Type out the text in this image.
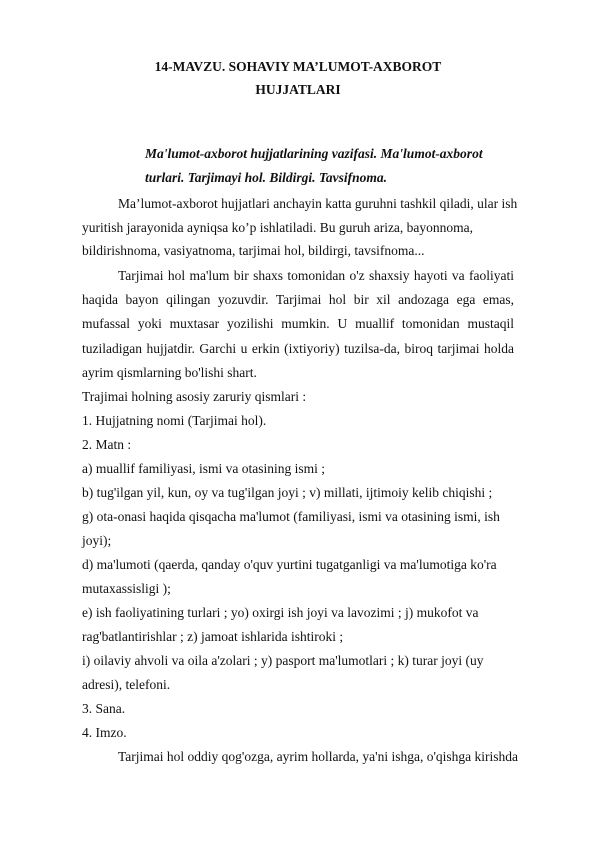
14-MAVZU. SOHAVIY MA’LUMOT-AXBOROT
HUJJATLARI
Ma'lumot-axborot hujjatlarining vazifasi. Ma'lumot-axborot
turlari. Tarjimayi hol. Bildirgi. Tavsifnoma.
Ma’lumot-axborot hujjatlari anchayin katta guruhni tashkil qiladi, ular ish
yuritish jarayonida ayniqsa ko’p ishlatiladi. Bu guruh ariza, bayonnoma,
bildirishnoma, vasiyatnoma, tarjimai hol, bildirgi, tavsifnoma...
Tarjimai hol ma'lum bir shaxs tomonidan o'z shaxsiy hayoti va faoliyati
haqida bayon qilingan yozuvdir. Tarjimai hol bir xil andozaga ega emas,
mufassal yoki muxtasar yozilishi mumkin. U muallif tomonidan mustaqil
tuziladigan hujjatdir. Garchi u erkin (ixtiyoriy) tuzilsa-da, biroq tarjimai holda
ayrim qismlarning bo'lishi shart.
Trajimai holning asosiy zaruriy qismlari :
1. Hujjatning nomi (Tarjimai hol).
2. Matn :
a) muallif familiyasi, ismi va otasining ismi ;
b) tug'ilgan yil, kun, oy va tug'ilgan joyi ; v) millati, ijtimoiy kelib chiqishi ;
g) ota-onasi haqida qisqacha ma'lumot (familiyasi, ismi va otasining ismi, ish
joyi);
d) ma'lumoti (qaerda, qanday o'quv yurtini tugatganligi va ma'lumotiga ko'ra
mutaxassisligi );
e) ish faoliyatining turlari ; yo) oxirgi ish joyi va lavozimi ; j) mukofot va
rag'batlantirishlar ; z) jamoat ishlarida ishtiroki ;
i) oilaviy ahvoli va oila a'zolari ; y) pasport ma'lumotlari ; k) turar joyi (uy
adresi), telefoni.
3. Sana.
4. Imzo.
Tarjimai hol oddiy qog'ozga, ayrim hollarda, ya'ni ishga, o'qishga kirishda
